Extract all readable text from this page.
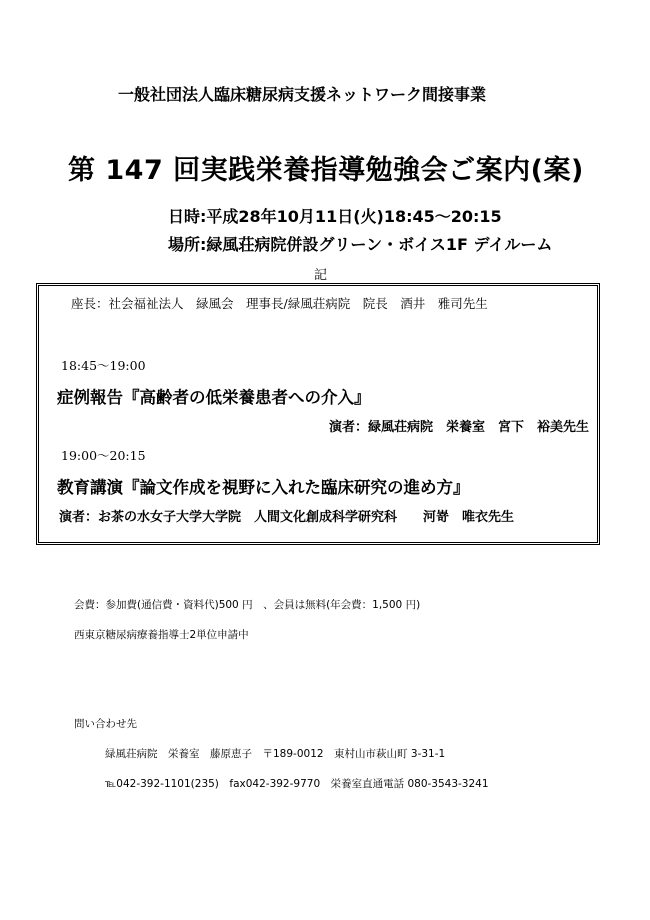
一般社団法人臨床糖尿病支援ネットワーク間接事業
第 147 回実践栄養指導勉強会ご案内(案)
日時:平成28年10月11日(火)18:45～20:15
場所:緑風荘病院併設グリーン・ボイス1F デイルーム
記
座長：社会福祉法人　緑風会　理事長/緑風荘病院　院長　酒井　雅司先生
18:45～19:00
症例報告『高齢者の低栄養患者への介入』
演者：緑風荘病院　栄養室　宮下　裕美先生
19:00～20:15
教育講演『論文作成を視野に入れた臨床研究の進め方』
演者：お茶の水女子大学大学院　人間文化創成科学研究科　　河嵜　唯衣先生
会費：参加費(通信費・資料代)500 円　、会員は無料(年会費：1,500 円)
西東京糖尿病療養指導士2単位申請中
問い合わせ先
緑風荘病院　栄養室　藤原恵子　〒189-0012　東村山市萩山町 3-31-1
℡042-392-1101(235)　fax042-392-9770　栄養室直通電話 080-3543-3241
